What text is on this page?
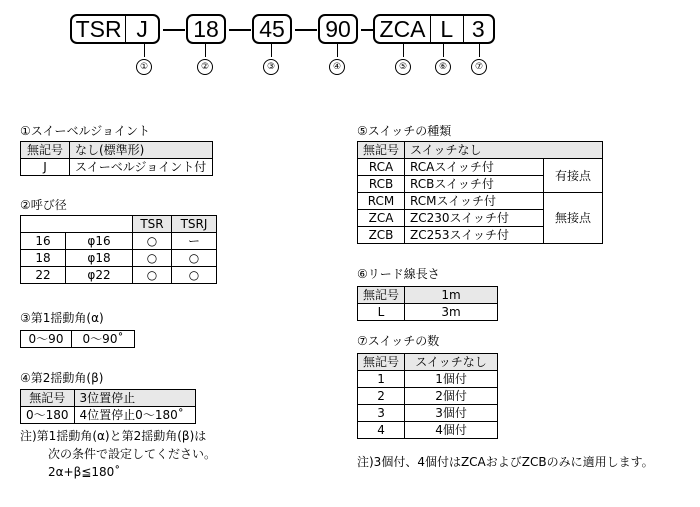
TSR J	18 45 90 ZCA L 3
①	②	③	④	⑤	⑥	⑦
①スイーベルジョイント
無記号	なし(標準形)
J	スイーベルジョイント付
②呼び径
		TSR	TSRJ
16	φ16	○	ー
18	φ18	○	○
22	φ22	○	○
③第1揺動角(α)
0〜90	0〜90˚
④第2揺動角(β)
無記号	3位置停止
0〜180	4位置停止0〜180˚
注)第1揺動角(α)と第2揺動角(β)は
次の条件で設定してください。
2α+β≦180˚
⑤スイッチの種類
無記号	スイッチなし	
RCA	RCAスイッチ付	有接点
RCB	RCBスイッチ付	
RCM	RCMスイッチ付	無接点
ZCA	ZC230スイッチ付	
ZCB	ZC253スイッチ付	
⑥リード線長さ
無記号	1m
L	3m
⑦スイッチの数
無記号	スイッチなし
1	1個付
2	2個付
3	3個付
4	4個付
注)3個付、4個付はZCAおよびZCBのみに適用します。
